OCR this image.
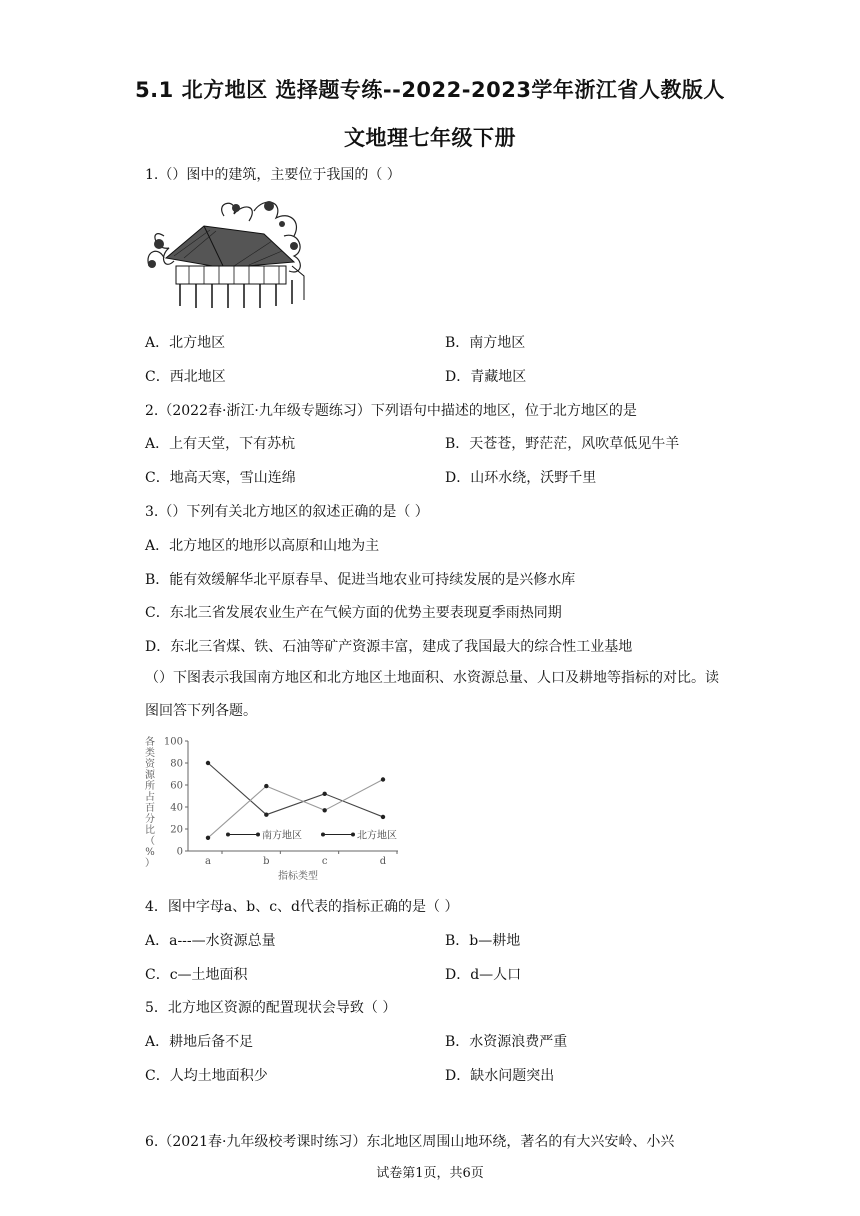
5.1 北方地区 选择题专练--2022-2023学年浙江省人教版人
文地理七年级下册
1.（）图中的建筑，主要位于我国的（ ）
A．北方地区	B．南方地区
C．西北地区	D．青藏地区
2.（2022春·浙江·九年级专题练习）下列语句中描述的地区，位于北方地区的是
A．上有天堂，下有苏杭	B．天苍苍，野茫茫，风吹草低见牛羊
C．地高天寒，雪山连绵	D．山环水绕，沃野千里
3.（）下列有关北方地区的叙述正确的是（ ）
A．北方地区的地形以高原和山地为主
B．能有效缓解华北平原春旱、促进当地农业可持续发展的是兴修水库
C．东北三省发展农业生产在气候方面的优势主要表现夏季雨热同期
D．东北三省煤、铁、石油等矿产资源丰富，建成了我国最大的综合性工业基地
（）下图表示我国南方地区和北方地区土地面积、水资源总量、人口及耕地等指标的对比。读图回答下列各题。
各
类
资
源
所
占
百
分
比
（
%
）
0
20
40
60
80
100
a	b	c	d
指标类型
南方地区	北方地区
4．图中字母a、b、c、d代表的指标正确的是（ ）
A．a---—水资源总量	B．b—耕地
C．c—土地面积	D．d—人口
5．北方地区资源的配置现状会导致（ ）
A．耕地后备不足	B．水资源浪费严重
C．人均土地面积少	D．缺水问题突出
6.（2021春·九年级校考课时练习）东北地区周围山地环绕，著名的有大兴安岭、小兴
试卷第1页，共6页
